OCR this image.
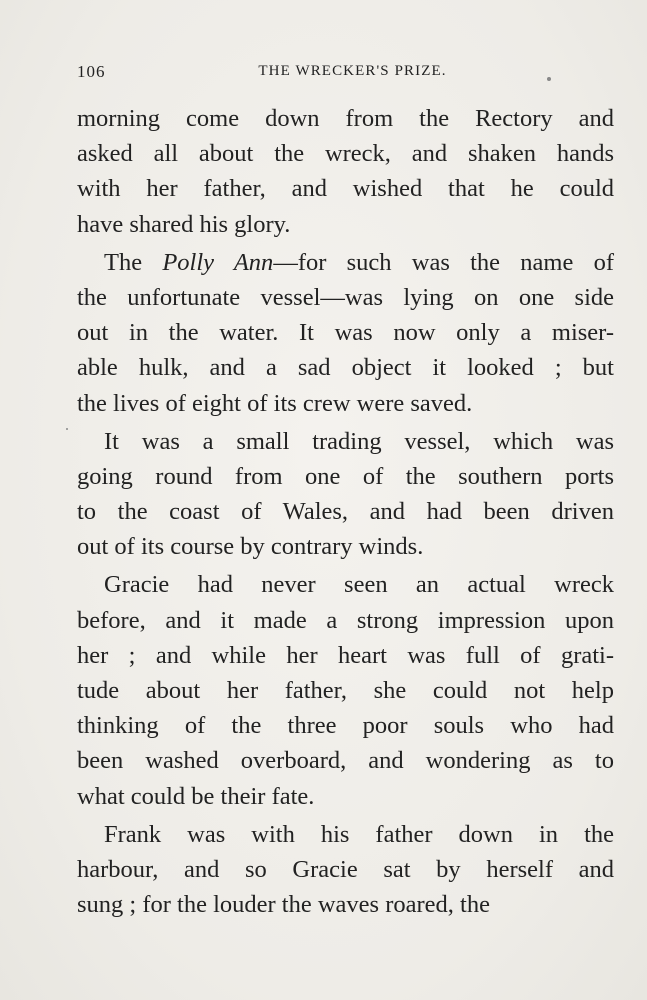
106	THE WRECKER'S PRIZE.
morning come down from the Rectory and
asked all about the wreck, and shaken hands
with her father, and wished that he could
have shared his glory.
The Polly Ann—for such was the name of
the unfortunate vessel—was lying on one side
out in the water. It was now only a miser-
able hulk, and a sad object it looked ; but
the lives of eight of its crew were saved.
It was a small trading vessel, which was
going round from one of the southern ports
to the coast of Wales, and had been driven
out of its course by contrary winds.
Gracie had never seen an actual wreck
before, and it made a strong impression upon
her ; and while her heart was full of grati-
tude about her father, she could not help
thinking of the three poor souls who had
been washed overboard, and wondering as to
what could be their fate.
Frank was with his father down in the
harbour, and so Gracie sat by herself and
sung ; for the louder the waves roared, the
